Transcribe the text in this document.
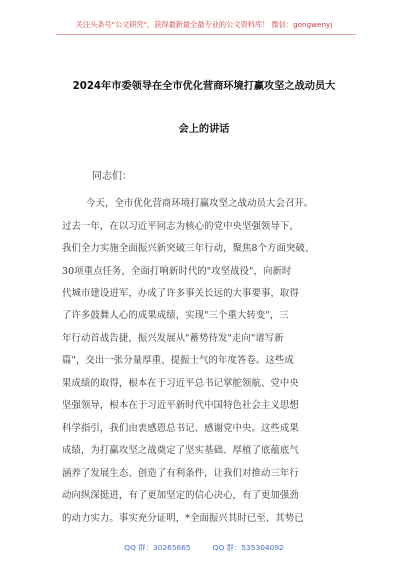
关注头条号"公文研究"，获得最新最全最专业的公文资料库！ 微信：gongwenyj
2024年市委领导在全市优化营商环境打赢攻坚之战动员大
会上的讲话
同志们：
今天，全市优化营商环境打赢攻坚之战动员大会召开。
过去一年，在以习近平同志为核心的党中央坚强领导下，
我们全力实施全面振兴新突破三年行动，聚焦8个方面突破、
30项重点任务，全面打响新时代的"攻坚战役"，向新时
代城市建设进军，办成了许多事关长远的大事要事，取得
了许多鼓舞人心的成果成绩，实现"三个重大转变"，三
年行动首战告捷，振兴发展从"蓄势待发"走向"谱写新
篇"，交出一张分量厚重、提振士气的年度答卷。这些成
果成绩的取得，根本在于习近平总书记掌舵领航、党中央
坚强领导，根本在于习近平新时代中国特色社会主义思想
科学指引，我们由衷感恩总书记、感谢党中央。这些成果
成绩，为打赢攻坚之战奠定了坚实基础、厚植了底蕴底气
涵养了发展生态、创造了有利条件，让我们对推动三年行
动向纵深挺进，有了更加坚定的信心决心，有了更加强劲
的动力实力。事实充分证明，*全面振兴其时已至、其势已
QQ 群：30265665	QQ 群：535304092
